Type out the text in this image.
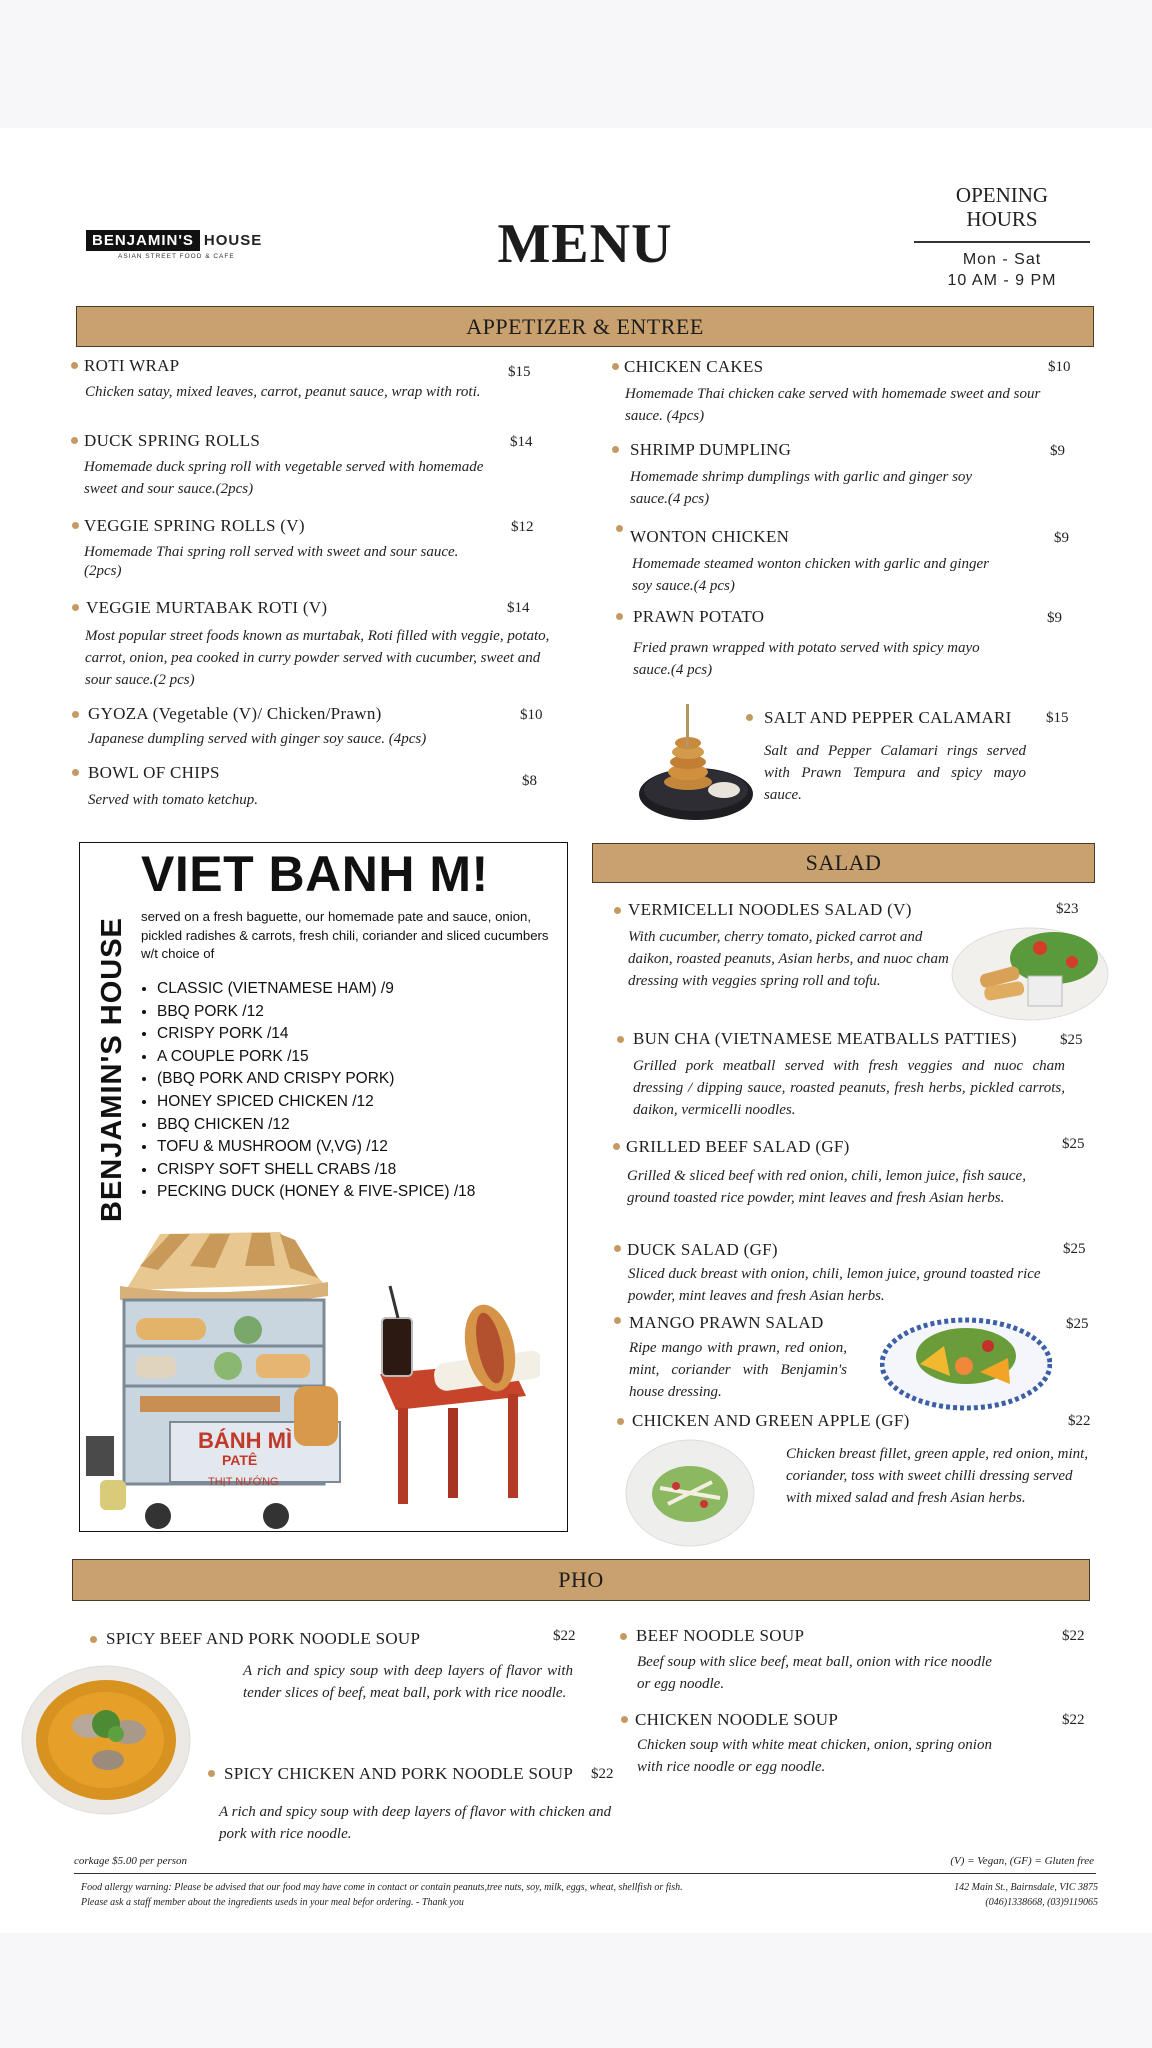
BENJAMIN'S HOUSE
ASIAN STREET FOOD & CAFE	MENU
OPENING HOURS
Mon - Sat
10 AM - 9 PM
APPETIZER & ENTREE
ROTI WRAP	$15
Chicken satay, mixed leaves, carrot, peanut sauce, wrap with roti.
DUCK SPRING ROLLS	$14
Homemade duck spring roll with vegetable served with homemade sweet and sour sauce.(2pcs)
VEGGIE SPRING ROLLS (V)	$12
Homemade Thai spring roll served with sweet and sour sauce.(2pcs)
VEGGIE MURTABAK ROTI (V)	$14
Most popular street foods known as murtabak, Roti filled with veggie, potato, carrot, onion, pea cooked in curry powder served with cucumber, sweet and sour sauce.(2 pcs)
GYOZA (Vegetable (V)/ Chicken/Prawn)	$10
Japanese dumpling served with ginger soy sauce. (4pcs)
BOWL OF CHIPS	$8
Served with tomato ketchup.
CHICKEN CAKES	$10
Homemade Thai chicken cake served with homemade sweet and sour sauce. (4pcs)
SHRIMP DUMPLING	$9
Homemade shrimp dumplings with garlic and ginger soy sauce.(4 pcs)
WONTON CHICKEN	$9
Homemade steamed wonton chicken with garlic and ginger soy sauce.(4 pcs)
PRAWN POTATO	$9
Fried prawn wrapped with potato served with spicy mayo sauce.(4 pcs)
SALT AND PEPPER CALAMARI $15
Salt and Pepper Calamari rings served with Prawn Tempura and spicy mayo sauce.
VIET BANH M!
BENJAMIN'S HOUSE
served on a fresh baguette, our homemade pate and sauce, onion, pickled radishes & carrots, fresh chili, coriander and sliced cucumbers w/t choice of
• CLASSIC (VIETNAMESE HAM) /9
• BBQ PORK /12
• CRISPY PORK /14
• A COUPLE PORK /15
• (BBQ PORK AND CRISPY PORK)
• HONEY SPICED CHICKEN /12
• BBQ CHICKEN /12
• TOFU & MUSHROOM (V,VG) /12
• CRISPY SOFT SHELL CRABS /18
• PECKING DUCK (HONEY & FIVE-SPICE) /18
BÁNH MÌ
PATÊ
THỊT NƯỚNG
SALAD
VERMICELLI NOODLES SALAD (V)	$23
With cucumber, cherry tomato, picked carrot and daikon, roasted peanuts, Asian herbs, and nuoc cham dressing with veggies spring roll and tofu.
BUN CHA (VIETNAMESE MEATBALLS PATTIES)	$25
Grilled pork meatball served with fresh veggies and nuoc cham dressing / dipping sauce, roasted peanuts, fresh herbs, pickled carrots, daikon, vermicelli noodles.
GRILLED BEEF SALAD (GF)	$25
Grilled & sliced beef with red onion, chili, lemon juice, fish sauce, ground toasted rice powder, mint leaves and fresh Asian herbs.
DUCK SALAD (GF)	$25
Sliced duck breast with onion, chili, lemon juice, ground toasted rice powder, mint leaves and fresh Asian herbs.
MANGO PRAWN SALAD	$25
Ripe mango with prawn, red onion, mint, coriander with Benjamin's house dressing.
CHICKEN AND GREEN APPLE (GF)	$22
Chicken breast fillet, green apple, red onion, mint, coriander, toss with sweet chilli dressing served with mixed salad and fresh Asian herbs.
PHO
SPICY BEEF AND PORK NOODLE SOUP	$22
A rich and spicy soup with deep layers of flavor with tender slices of beef, meat ball, pork with rice noodle.
SPICY CHICKEN AND PORK NOODLE SOUP $22
A rich and spicy soup with deep layers of flavor with chicken and pork with rice noodle.
BEEF NOODLE SOUP	$22
Beef soup with slice beef, meat ball, onion with rice noodle or egg noodle.
CHICKEN NOODLE SOUP	$22
Chicken soup with white meat chicken, onion, spring onion with rice noodle or egg noodle.
corkage $5.00 per person	(V) = Vegan, (GF) = Gluten free
Food allergy warning: Please be advised that our food may have come in contact or contain peanuts,tree nuts, soy, milk, eggs, wheat, shellfish or fish.
Please ask a staff member about the ingredients useds in your meal befor ordering. - Thank you
142 Main St., Bairnsdale, VIC 3875
(046)1338668, (03)9119065
